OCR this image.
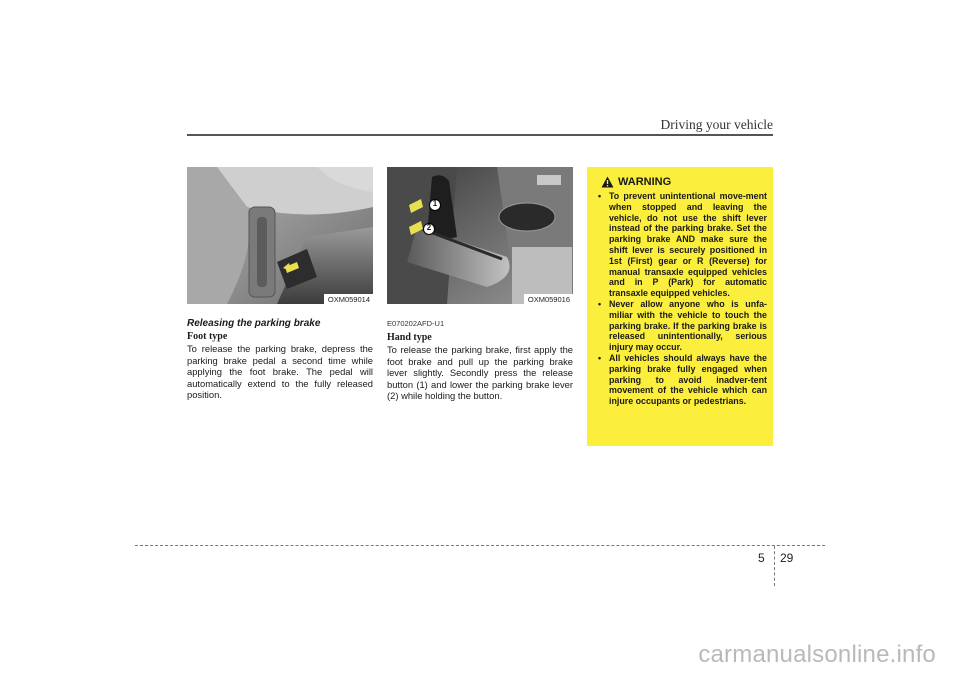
Driving your vehicle
OXM059014
Releasing the parking brake
Foot type
To release the parking brake, depress the parking brake pedal a second time while applying the foot brake. The pedal will automatically extend to the fully released position.
1
2
OXM059016
E070202AFD-U1
Hand type
To release the parking brake, first apply the foot brake and pull up the parking brake lever slightly. Secondly press the release button (1) and lower the parking brake lever (2) while holding the button.
WARNING
• To prevent unintentional move-ment when stopped and leaving the vehicle, do not use the shift lever instead of the parking brake. Set the parking brake AND make sure the shift lever is securely positioned in 1st (First) gear or R (Reverse) for manual transaxle equipped vehicles and in P (Park) for automatic transaxle equipped vehicles.
• Never allow anyone who is unfa-miliar with the vehicle to touch the parking brake. If the parking brake is released unintentionally, serious injury may occur.
• All vehicles should always have the parking brake fully engaged when parking to avoid inadver-tent movement of the vehicle which can injure occupants or pedestrians.
5 29
carmanualsonline.info
